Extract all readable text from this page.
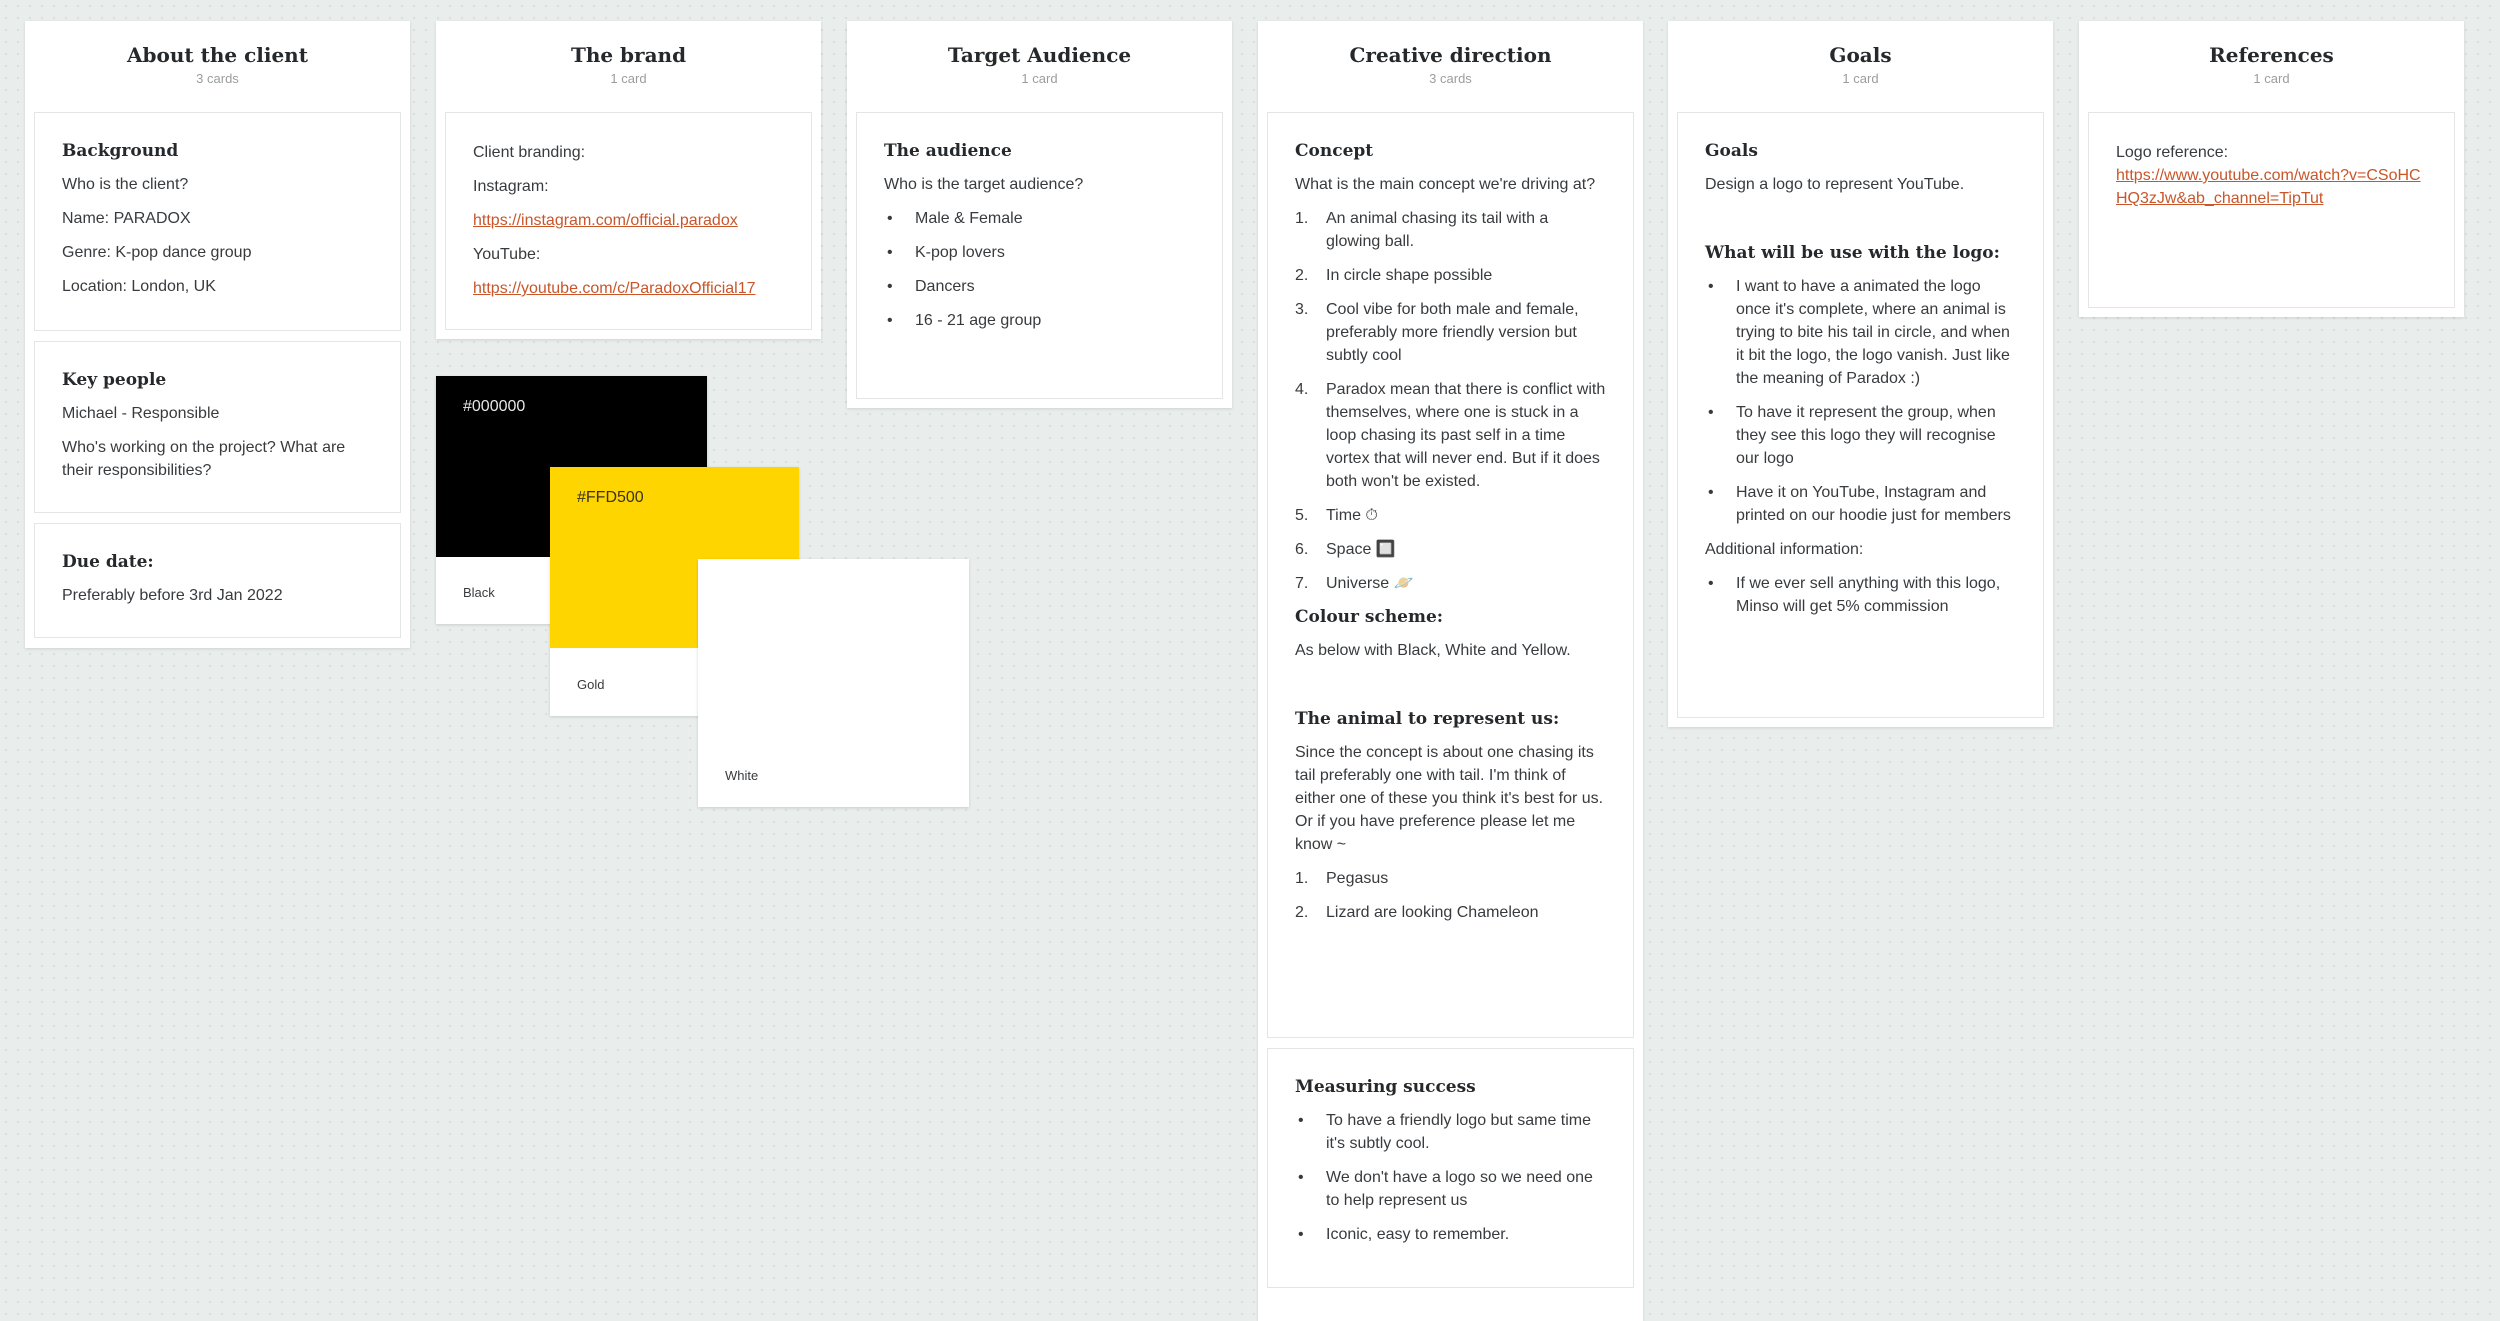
About the client
3 cards
Background

Who is the client?

Name: PARADOX

Genre: K-pop dance group

Location: London, UK

Key people

Michael - Responsible

Who's working on the project? What are their responsibilities?

Due date:

Preferably before 3rd Jan 2022

The brand
1 card

Client branding:

Instagram:

https://instagram.com/official.paradox

YouTube:

https://youtube.com/c/ParadoxOfficial17

#000000
Black
#FFD500
Gold
White
Target Audience
1 card
The audience

Who is the target audience?

• Male & Female
• K-pop lovers
• Dancers
• 16 - 21 age group
Creative direction
3 cards
Concept

What is the main concept we're driving at?

An animal chasing its tail with a glowing ball.
In circle shape possible
Cool vibe for both male and female, preferably more friendly version but subtly cool
Paradox mean that there is conflict with themselves, where one is stuck in a loop chasing its past self in a time vortex that will never end. But if it does both won't be existed.
Time ⏱
Space 🔲
Universe 🪐
Colour scheme:

As below with Black, White and Yellow.

The animal to represent us:

Since the concept is about one chasing its tail preferably one with tail. I'm think of either one of these you think it's best for us. Or if you have preference please let me know ~

Pegasus
Lizard are looking Chameleon
Measuring success
• To have a friendly logo but same time it's subtly cool.
• We don't have a logo so we need one to help represent us
• Iconic, easy to remember.
Goals
1 card
Goals

Design a logo to represent YouTube.

What will be use with the logo:
• I want to have a animated the logo once it's complete, where an animal is trying to bite his tail in circle, and when it bit the logo, the logo vanish. Just like the meaning of Paradox :)
• To have it represent the group, when they see this logo they will recognise our logo
• Have it on YouTube, Instagram and printed on our hoodie just for members

Additional information:

• If we ever sell anything with this logo, Minso will get 5% commission
References
1 card
Logo reference:
https://www.youtube.com/watch?v=CSoHCHQ3zJw&ab_channel=TipTut
